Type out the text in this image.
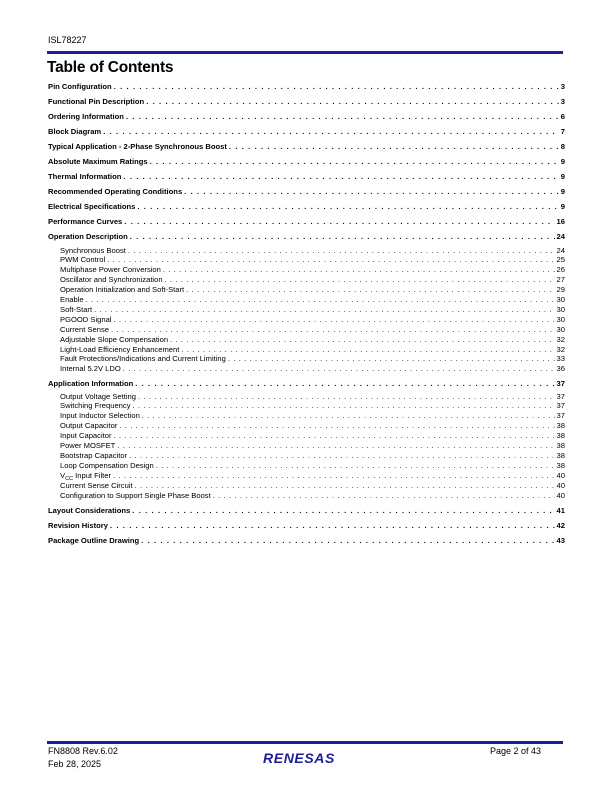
ISL78227
Table of Contents
Pin Configuration . . .	3
Functional Pin Description . . .	3
Ordering Information . . .	6
Block Diagram . . .	7
Typical Application - 2-Phase Synchronous Boost . . .	8
Absolute Maximum Ratings . . .	9
Thermal Information . . .	9
Recommended Operating Conditions . . .	9
Electrical Specifications . . .	9
Performance Curves . . .	16
Operation Description . . .	24
Synchronous Boost . . .	24
PWM Control . . .	25
Multiphase Power Conversion . . .	26
Oscillator and Synchronization . . .	27
Operation Initialization and Soft-Start . . .	29
Enable . . .	30
Soft-Start . . .	30
PGOOD Signal . . .	30
Current Sense . . .	30
Adjustable Slope Compensation . . .	32
Light-Load Efficiency Enhancement . . .	32
Fault Protections/Indications and Current Limiting . . .	33
Internal 5.2V LDO . . .	36
Application Information . . .	37
Output Voltage Setting . . .	37
Switching Frequency . . .	37
Input Inductor Selection . . .	37
Output Capacitor . . .	38
Input Capacitor . . .	38
Power MOSFET . . .	38
Bootstrap Capacitor . . .	38
Loop Compensation Design . . .	38
$V_{CC}$ Input Filter . . .	40
Current Sense Circuit . . .	40
Configuration to Support Single Phase Boost . . .	40
Layout Considerations . . .	41
Revision History . . .	42
Package Outline Drawing . . .	43
FN8808 Rev.6.02
Feb 28, 2025
Page 2 of 43
RENESAS
